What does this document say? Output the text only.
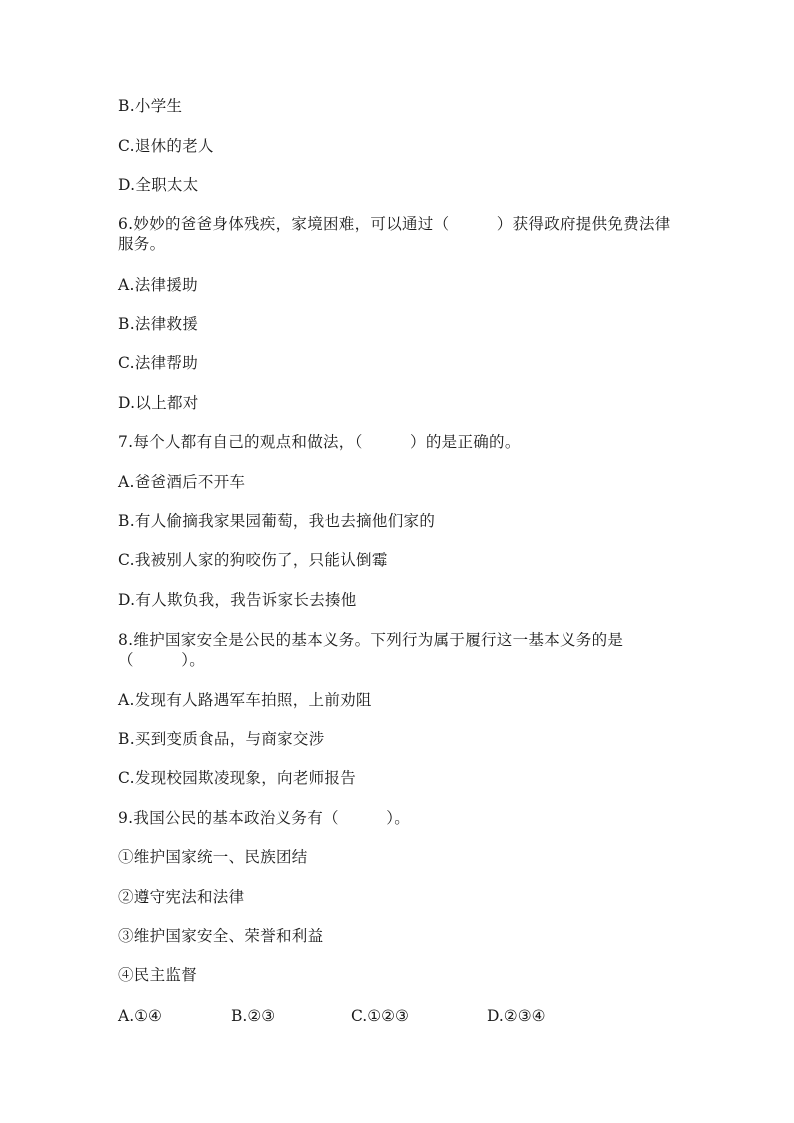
B.小学生
C.退休的老人
D.全职太太
6.妙妙的爸爸身体残疾，家境困难，可以通过（　　　）获得政府提供免费法律服务。
A.法律援助
B.法律救援
C.法律帮助
D.以上都对
7.每个人都有自己的观点和做法，（　　　）的是正确的。
A.爸爸酒后不开车
B.有人偷摘我家果园葡萄，我也去摘他们家的
C.我被别人家的狗咬伤了，只能认倒霉
D.有人欺负我，我告诉家长去揍他
8.维护国家安全是公民的基本义务。下列行为属于履行这一基本义务的是（　　　）。
A.发现有人路遇军车拍照，上前劝阻
B.买到变质食品，与商家交涉
C.发现校园欺凌现象，向老师报告
9.我国公民的基本政治义务有（　　　）。
①维护国家统一、民族团结
②遵守宪法和法律
③维护国家安全、荣誉和利益
④民主监督
A.①④	B.②③	C.①②③	D.②③④
